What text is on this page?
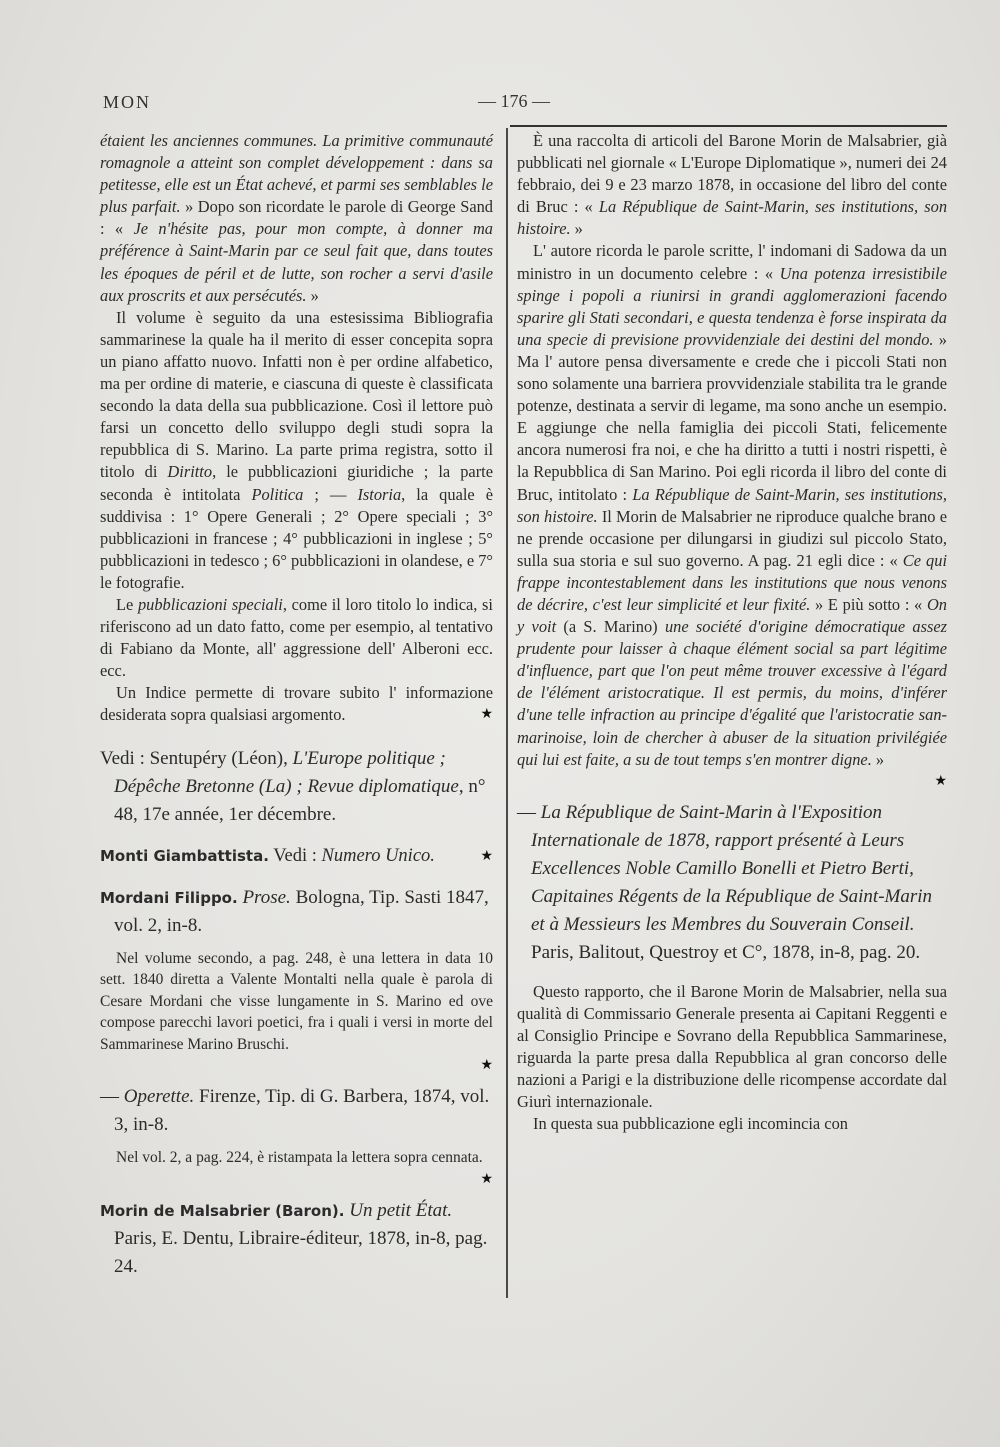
MON	— 176 —

étaient les anciennes communes. La primitive communauté romagnole a atteint son complet développement : dans sa petitesse, elle est un État achevé, et parmi ses semblables le plus parfait. » Dopo son ricordate le parole di George Sand : « Je n'hésite pas, pour mon compte, à donner ma préférence à Saint-Marin par ce seul fait que, dans toutes les époques de péril et de lutte, son rocher a servi d'asile aux proscrits et aux persécutés. »

Il volume è seguito da una estesissima Bibliografia sammarinese la quale ha il merito di esser concepita sopra un piano affatto nuovo. Infatti non è per ordine alfabetico, ma per ordine di materie, e ciascuna di queste è classificata secondo la data della sua pubblicazione. Così il lettore può farsi un concetto dello sviluppo degli studi sopra la repubblica di S. Marino. La parte prima registra, sotto il titolo di Diritto, le pubblicazioni giuridiche ; la parte seconda è intitolata Politica ; — Istoria, la quale è suddivisa : 1° Opere Generali ; 2° Opere speciali ; 3° pubblicazioni in francese ; 4° pubblicazioni in inglese ; 5° pubblicazioni in tedesco ; 6° pubblicazioni in olandese, e 7° le fotografie.

Le pubblicazioni speciali, come il loro titolo lo indica, si riferiscono ad un dato fatto, come per esempio, al tentativo di Fabiano da Monte, all' aggressione dell' Alberoni ecc. ecc.

Un Indice permette di trovare subito l' informazione desiderata sopra qualsiasi argomento.	★

Vedi : Sentupéry (Léon), L'Europe politique ; Dépêche Bretonne (La) ; Revue diplomatique, n° 48, 17e année, 1er décembre.

Monti Giambattista. Vedi : Numero Unico.	★

Mordani Filippo. Prose. Bologna, Tip. Sasti 1847, vol. 2, in-8.

Nel volume secondo, a pag. 248, è una lettera in data 10 sett. 1840 diretta a Valente Montalti nella quale è parola di Cesare Mordani che visse lungamente in S. Marino ed ove compose parecchi lavori poetici, fra i quali i versi in morte del Sammarinese Marino Bruschi.

★

— Operette. Firenze, Tip. di G. Barbera, 1874, vol. 3, in-8.

Nel vol. 2, a pag. 224, è ristampata la lettera sopra cennata.

★

Morin de Malsabrier (Baron). Un petit État. Paris, E. Dentu, Libraire-éditeur, 1878, in-8, pag. 24.

È una raccolta di articoli del Barone Morin de Malsabrier, già pubblicati nel giornale « L'Europe Diplomatique », numeri dei 24 febbraio, dei 9 e 23 marzo 1878, in occasione del libro del conte di Bruc : « La République de Saint-Marin, ses institutions, son histoire. »

L' autore ricorda le parole scritte, l' indomani di Sadowa da un ministro in un documento celebre : « Una potenza irresistibile spinge i popoli a riunirsi in grandi agglomerazioni facendo sparire gli Stati secondari, e questa tendenza è forse inspirata da una specie di previsione provvidenziale dei destini del mondo. » Ma l' autore pensa diversamente e crede che i piccoli Stati non sono solamente una barriera provvidenziale stabilita tra le grande potenze, destinata a servir di legame, ma sono anche un esempio. E aggiunge che nella famiglia dei piccoli Stati, felicemente ancora numerosi fra noi, e che ha diritto a tutti i nostri rispetti, è la Repubblica di San Marino. Poi egli ricorda il libro del conte di Bruc, intitolato : La République de Saint-Marin, ses institutions, son histoire. Il Morin de Malsabrier ne riproduce qualche brano e ne prende occasione per dilungarsi in giudizi sul piccolo Stato, sulla sua storia e sul suo governo. A pag. 21 egli dice : « Ce qui frappe incontestablement dans les institutions que nous venons de décrire, c'est leur simplicité et leur fixité. » E più sotto : « On y voit (a S. Marino) une société d'origine démocratique assez prudente pour laisser à chaque élément social sa part légitime d'influence, part que l'on peut même trouver excessive à l'égard de l'élément aristocratique. Il est permis, du moins, d'inférer d'une telle infraction au principe d'égalité que l'aristocratie san-marinoise, loin de chercher à abuser de la situation privilégiée qui lui est faite, a su de tout temps s'en montrer digne. »

★

— La République de Saint-Marin à l'Exposition Internationale de 1878, rapport présenté à Leurs Excellences Noble Camillo Bonelli et Pietro Berti, Capitaines Régents de la République de Saint-Marin et à Messieurs les Membres du Souverain Conseil. Paris, Balitout, Questroy et C°, 1878, in-8, pag. 20.

Questo rapporto, che il Barone Morin de Malsabrier, nella sua qualità di Commissario Generale presenta ai Capitani Reggenti e al Consiglio Principe e Sovrano della Repubblica Sammarinese, riguarda la parte presa dalla Repubblica al gran concorso delle nazioni a Parigi e la distribuzione delle ricompense accordate dal Giurì internazionale.

In questa sua pubblicazione egli incomincia con
